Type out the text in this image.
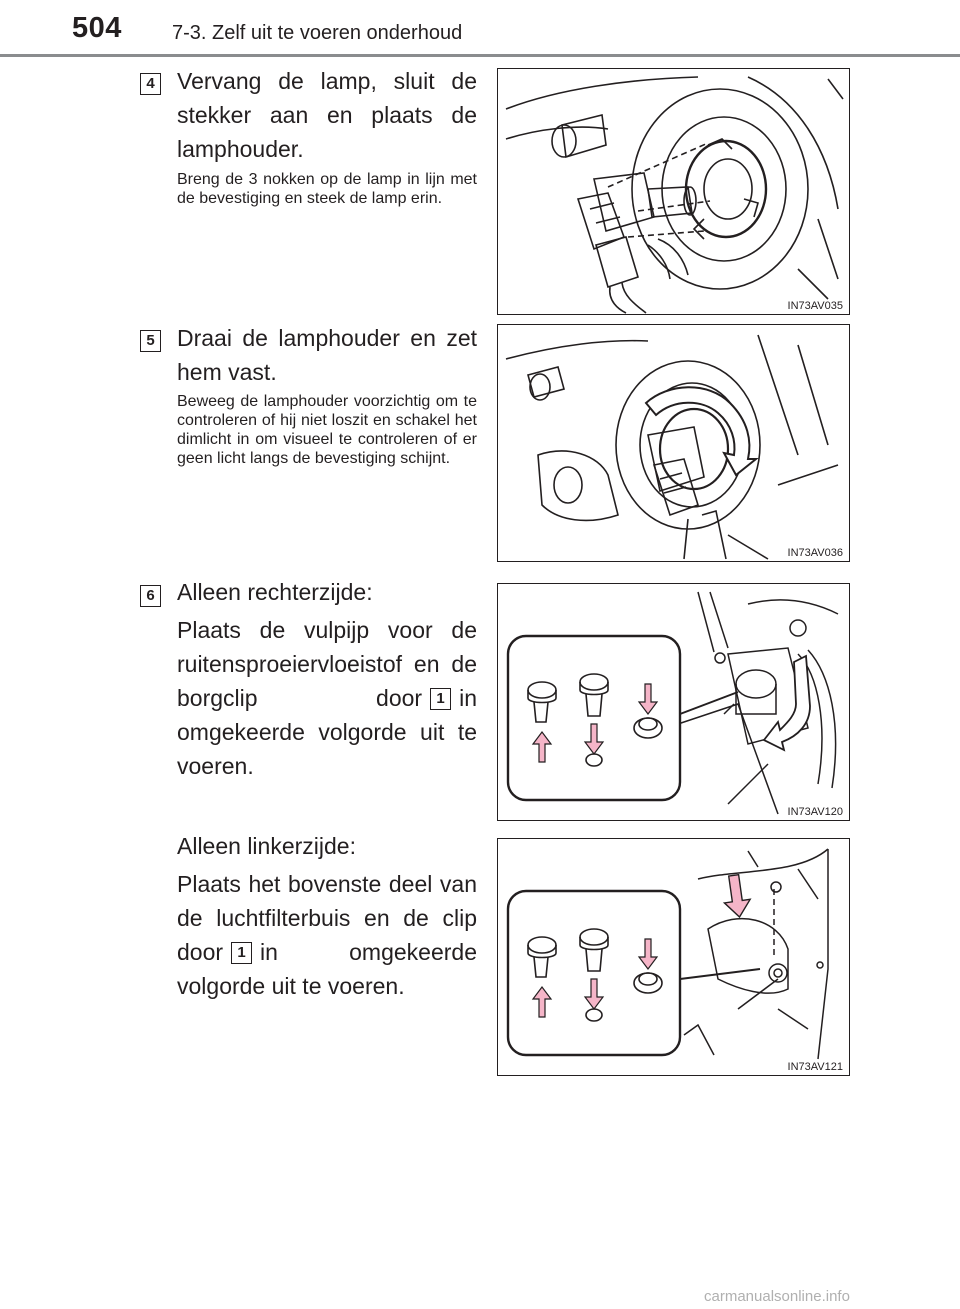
504	7-3. Zelf uit te voeren onderhoud
4 Vervang de lamp, sluit de stekker aan en plaats de lamphouder.
Breng de 3 nokken op de lamp in lijn met de bevestiging en steek de lamp erin.
IN73AV035
5 Draai de lamphouder en zet hem vast.
Beweeg de lamphouder voorzichtig om te controleren of hij niet loszit en schakel het dimlicht in om visueel te controleren of er geen licht langs de bevestiging schijnt.
IN73AV036
6 Alleen rechterzijde:

Plaats de vulpijp voor de ruitensproeiervloeistof en de borgclip door 1 in omgekeerde volgorde uit te voeren.

IN73AV120

Alleen linkerzijde:

Plaats het bovenste deel van de luchtfilterbuis en de clip door 1 in omgekeerde volgorde uit te voeren.

IN73AV121
carmanualsonline.info
